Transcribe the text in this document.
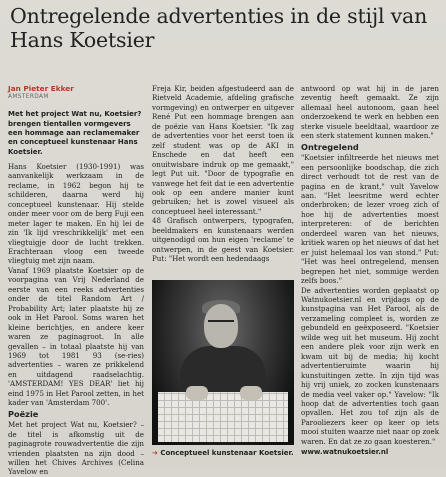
Ontregelende advertenties in de stijl van Hans Koetsier
Jan Pieter Ekker
AMSTERDAM

Met het project Wat nu, Koetsier? brengen tientallen vormgevers een hommage aan reclamemaker en conceptueel kunstenaar Hans Koetsier.

Hans Koetsier (1930-1991) was aanvankelijk werkzaam in de reclame, in 1962 begon hij te schilderen, daarna werd hij conceptueel kunstenaar. Hij stelde onder meer voor om de berg Fuji een meter lager te maken. En hij lei de zin 'Ik lijd vreschrikkelijk' met een vliegtuigje door de lucht trekken. Erachteraan vloog een tweede vliegtuig met zijn naam.
Vanaf 1969 plaatste Koetsier op de voorpagina van Vrij Nederland de eerste van een reeks advertenties onder de titel Random Art / Probability Art; later plaatste hij ze ook in Het Parool. Soms waren het kleine berichtjes, en andere keer waren ze paginagroot. In alle gevallen – in totaal plaatste hij van 1969 tot 1981 93 (se-ries) advertenties – waren ze prikkelend en uitdagend raadselachtig. 'AMSTERDAM! YES DEAR' liet hij eind 1975 in Het Parool zetten, in het kader van 'Amsterdam 700'.

Poëzie

Met het project Wat nu, Koetsier? – de titel is afkomstig uit de paginagrote rouwadvertentie die zijn vrienden plaatsten na zijn dood – willen het Chives Archives (Celina Yavelow en

Freja Kir, beiden afgestudeerd aan de Rietveld Academie, afdeling grafische vormgeving) en ontwerper en uitgever René Put een hommage brengen aan de poëzie van Hans Koetsier. "Ik zag de advertenties voor het eerst toen ik zelf student was op de AKI in Enschede en dat heeft een onuitwisbare indruk op me gemaakt," legt Put uit. "Door de typografie en vanwege het feit dat ie een advertentie ook op een andere manier kunt gebruiken; het is zowel visueel als conceptueel heel interessant."
48 Grafisch ontwerpers, typografen, beeldmakers en kunstenaars werden uitgenodigd om hun eigen 'reclame' te ontwerpen, in de geest van Koetsier. Put: "Het wordt een hedendaags

➔ Conceptueel kunstenaar Koetsier.

antwoord op wat hij in de jaren zeventig heeft gemaakt. Ze zijn allemaal heel autonoom, gaan heel onderzoekend te werk en hebben een sterke visuele beeldtaal, waardoor ze een sterk statement kunnen maken."

Ontregelend

"Koetsier infiltreerde het nieuws met een persoonlijke boodschap, die zich direct verhoudt tot de rest van de pagina en de krant," vult Yavelow aan. "Het leesritme werd echter onderbroken; de lezer vroeg zich of hoe hij de advertenties moest interpreteren: of de berichten onderdeel waren van het nieuws, kritiek waren op het nieuws of dat het er juist helemaal los van stond." Put: "Het was heel ontregelend, mensen begrepen het niet, sommige werden zelfs boos."
De advertenties worden geplaatst op Watnukoetsier.nl en vrijdags op de kunstpagina van Het Parool, als de verzameling compleet is, worden ze gebundeld en geëxposeerd. "Koetsier wilde weg uit het museum. Hij zocht een andere plek voor zijn werk en kwam uit bij de media; hij kocht advertentieruimte waarin hij kunstuitingen zette. In zijn tijd was hij vrij uniek, zo zocken kunstenaars de media veel vaker op." Yavelow: "Ik hoop dat de advertenties toch gaan opvallen. Het zou tof zijn als de Parooliezers keer op keer op iets mooi stuiten waarze niet naar op zoek waren. En dat ze zo gaan koesteren."

www.watnukoetsier.nl
